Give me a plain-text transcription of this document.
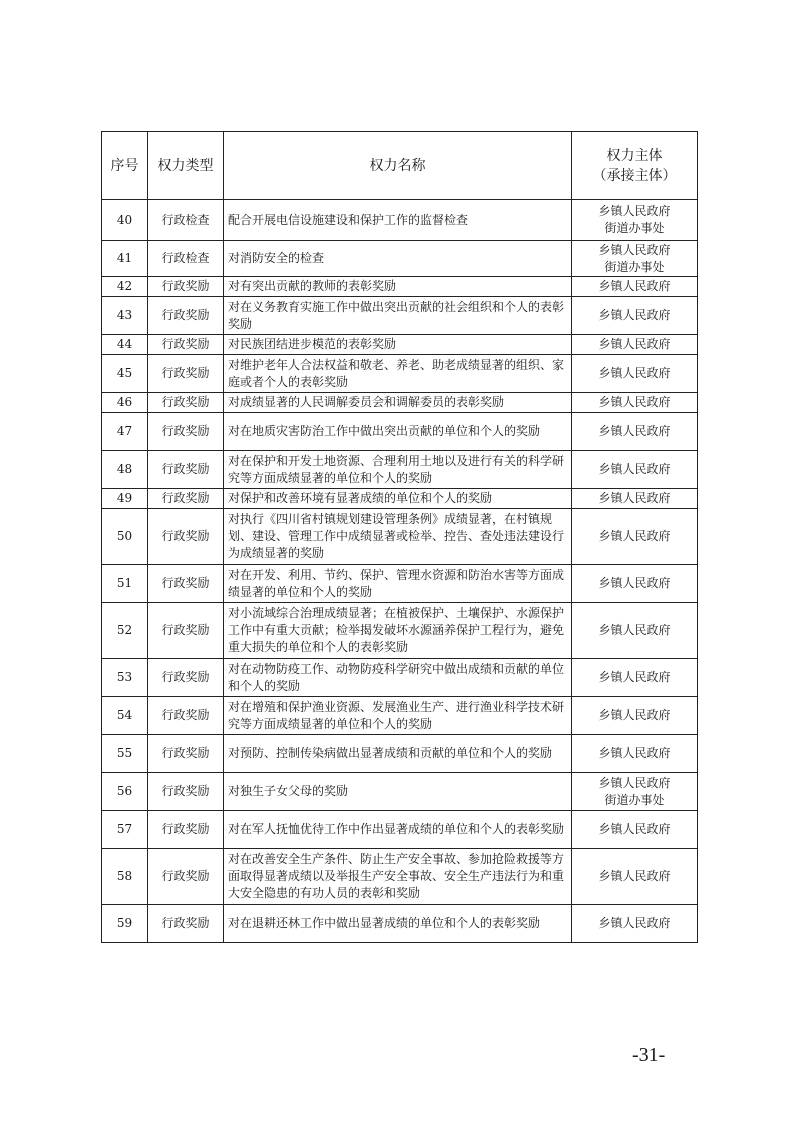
序号	权力类型	权力名称	权力主体
（承接主体）

40	行政检查	配合开展电信设施建设和保护工作的监督检查	乡镇人民政府
街道办事处

41	行政检查	对消防安全的检查	乡镇人民政府
街道办事处

42	行政奖励	对有突出贡献的教师的表彰奖励	乡镇人民政府

43	行政奖励	对在义务教育实施工作中做出突出贡献的社会组织和个人的表彰奖励	乡镇人民政府

44	行政奖励	对民族团结进步模范的表彰奖励	乡镇人民政府

45	行政奖励	对维护老年人合法权益和敬老、养老、助老成绩显著的组织、家庭或者个人的表彰奖励	乡镇人民政府

46	行政奖励	对成绩显著的人民调解委员会和调解委员的表彰奖励	乡镇人民政府

47	行政奖励	对在地质灾害防治工作中做出突出贡献的单位和个人的奖励	乡镇人民政府

48	行政奖励	对在保护和开发土地资源、合理利用土地以及进行有关的科学研究等方面成绩显著的单位和个人的奖励	乡镇人民政府

49	行政奖励	对保护和改善环境有显著成绩的单位和个人的奖励	乡镇人民政府

50	行政奖励	对执行《四川省村镇规划建设管理条例》成绩显著，在村镇规划、建设、管理工作中成绩显著或检举、控告、查处违法建设行为成绩显著的奖励	乡镇人民政府

51	行政奖励	对在开发、利用、节约、保护、管理水资源和防治水害等方面成绩显著的单位和个人的奖励	乡镇人民政府

52	行政奖励	对小流域综合治理成绩显著；在植被保护、土壤保护、水源保护工作中有重大贡献；检举揭发破坏水源涵养保护工程行为，避免重大损失的单位和个人的表彰奖励	乡镇人民政府

53	行政奖励	对在动物防疫工作、动物防疫科学研究中做出成绩和贡献的单位和个人的奖励	乡镇人民政府

54	行政奖励	对在增殖和保护渔业资源、发展渔业生产、进行渔业科学技术研究等方面成绩显著的单位和个人的奖励	乡镇人民政府

55	行政奖励	对预防、控制传染病做出显著成绩和贡献的单位和个人的奖励	乡镇人民政府

56	行政奖励	对独生子女父母的奖励	乡镇人民政府
街道办事处

57	行政奖励	对在军人抚恤优待工作中作出显著成绩的单位和个人的表彰奖励	乡镇人民政府

58	行政奖励	对在改善安全生产条件、防止生产安全事故、参加抢险救援等方面取得显著成绩以及举报生产安全事故、安全生产违法行为和重大安全隐患的有功人员的表彰和奖励	乡镇人民政府

59	行政奖励	对在退耕还林工作中做出显著成绩的单位和个人的表彰奖励	乡镇人民政府
-31-
